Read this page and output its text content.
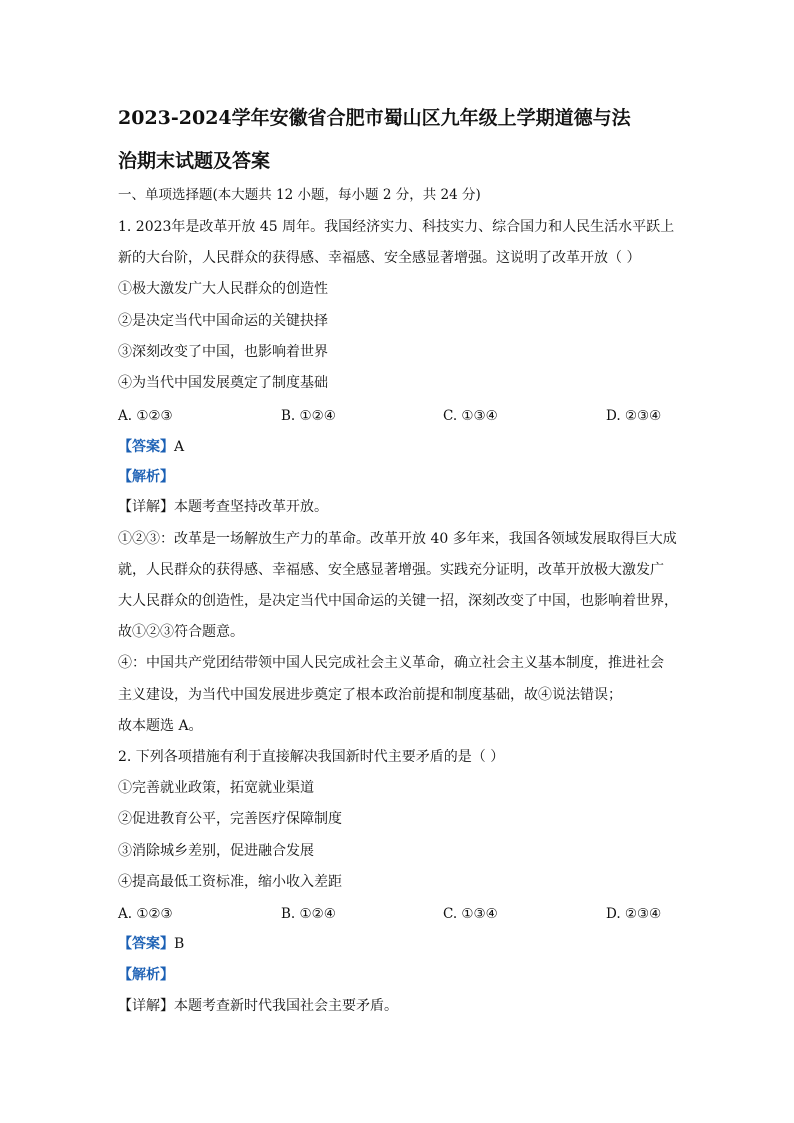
2023-2024学年安徽省合肥市蜀山区九年级上学期道德与法
治期末试题及答案
一、单项选择题(本大题共 12 小题，每小题 2 分，共 24 分)
1. 2023年是改革开放 45 周年。我国经济实力、科技实力、综合国力和人民生活水平跃上
新的大台阶，人民群众的获得感、幸福感、安全感显著增强。这说明了改革开放（ ）
①极大激发广大人民群众的创造性
②是决定当代中国命运的关键抉择
③深刻改变了中国，也影响着世界
④为当代中国发展奠定了制度基础
A. ①②③	B. ①②④	C. ①③④	D. ②③④
【答案】A
【解析】
【详解】本题考查坚持改革开放。
①②③：改革是一场解放生产力的革命。改革开放 40 多年来，我国各领域发展取得巨大成
就，人民群众的获得感、幸福感、安全感显著增强。实践充分证明，改革开放极大激发广
大人民群众的创造性，是决定当代中国命运的关键一招，深刻改变了中国，也影响着世界，
故①②③符合题意。
④：中国共产党团结带领中国人民完成社会主义革命，确立社会主义基本制度，推进社会
主义建设，为当代中国发展进步奠定了根本政治前提和制度基础，故④说法错误；
故本题选 A。
2. 下列各项措施有利于直接解决我国新时代主要矛盾的是（ ）
①完善就业政策，拓宽就业渠道
②促进教育公平，完善医疗保障制度
③消除城乡差别，促进融合发展
④提高最低工资标准，缩小收入差距
A. ①②③	B. ①②④	C. ①③④	D. ②③④
【答案】B
【解析】
【详解】本题考查新时代我国社会主要矛盾。
